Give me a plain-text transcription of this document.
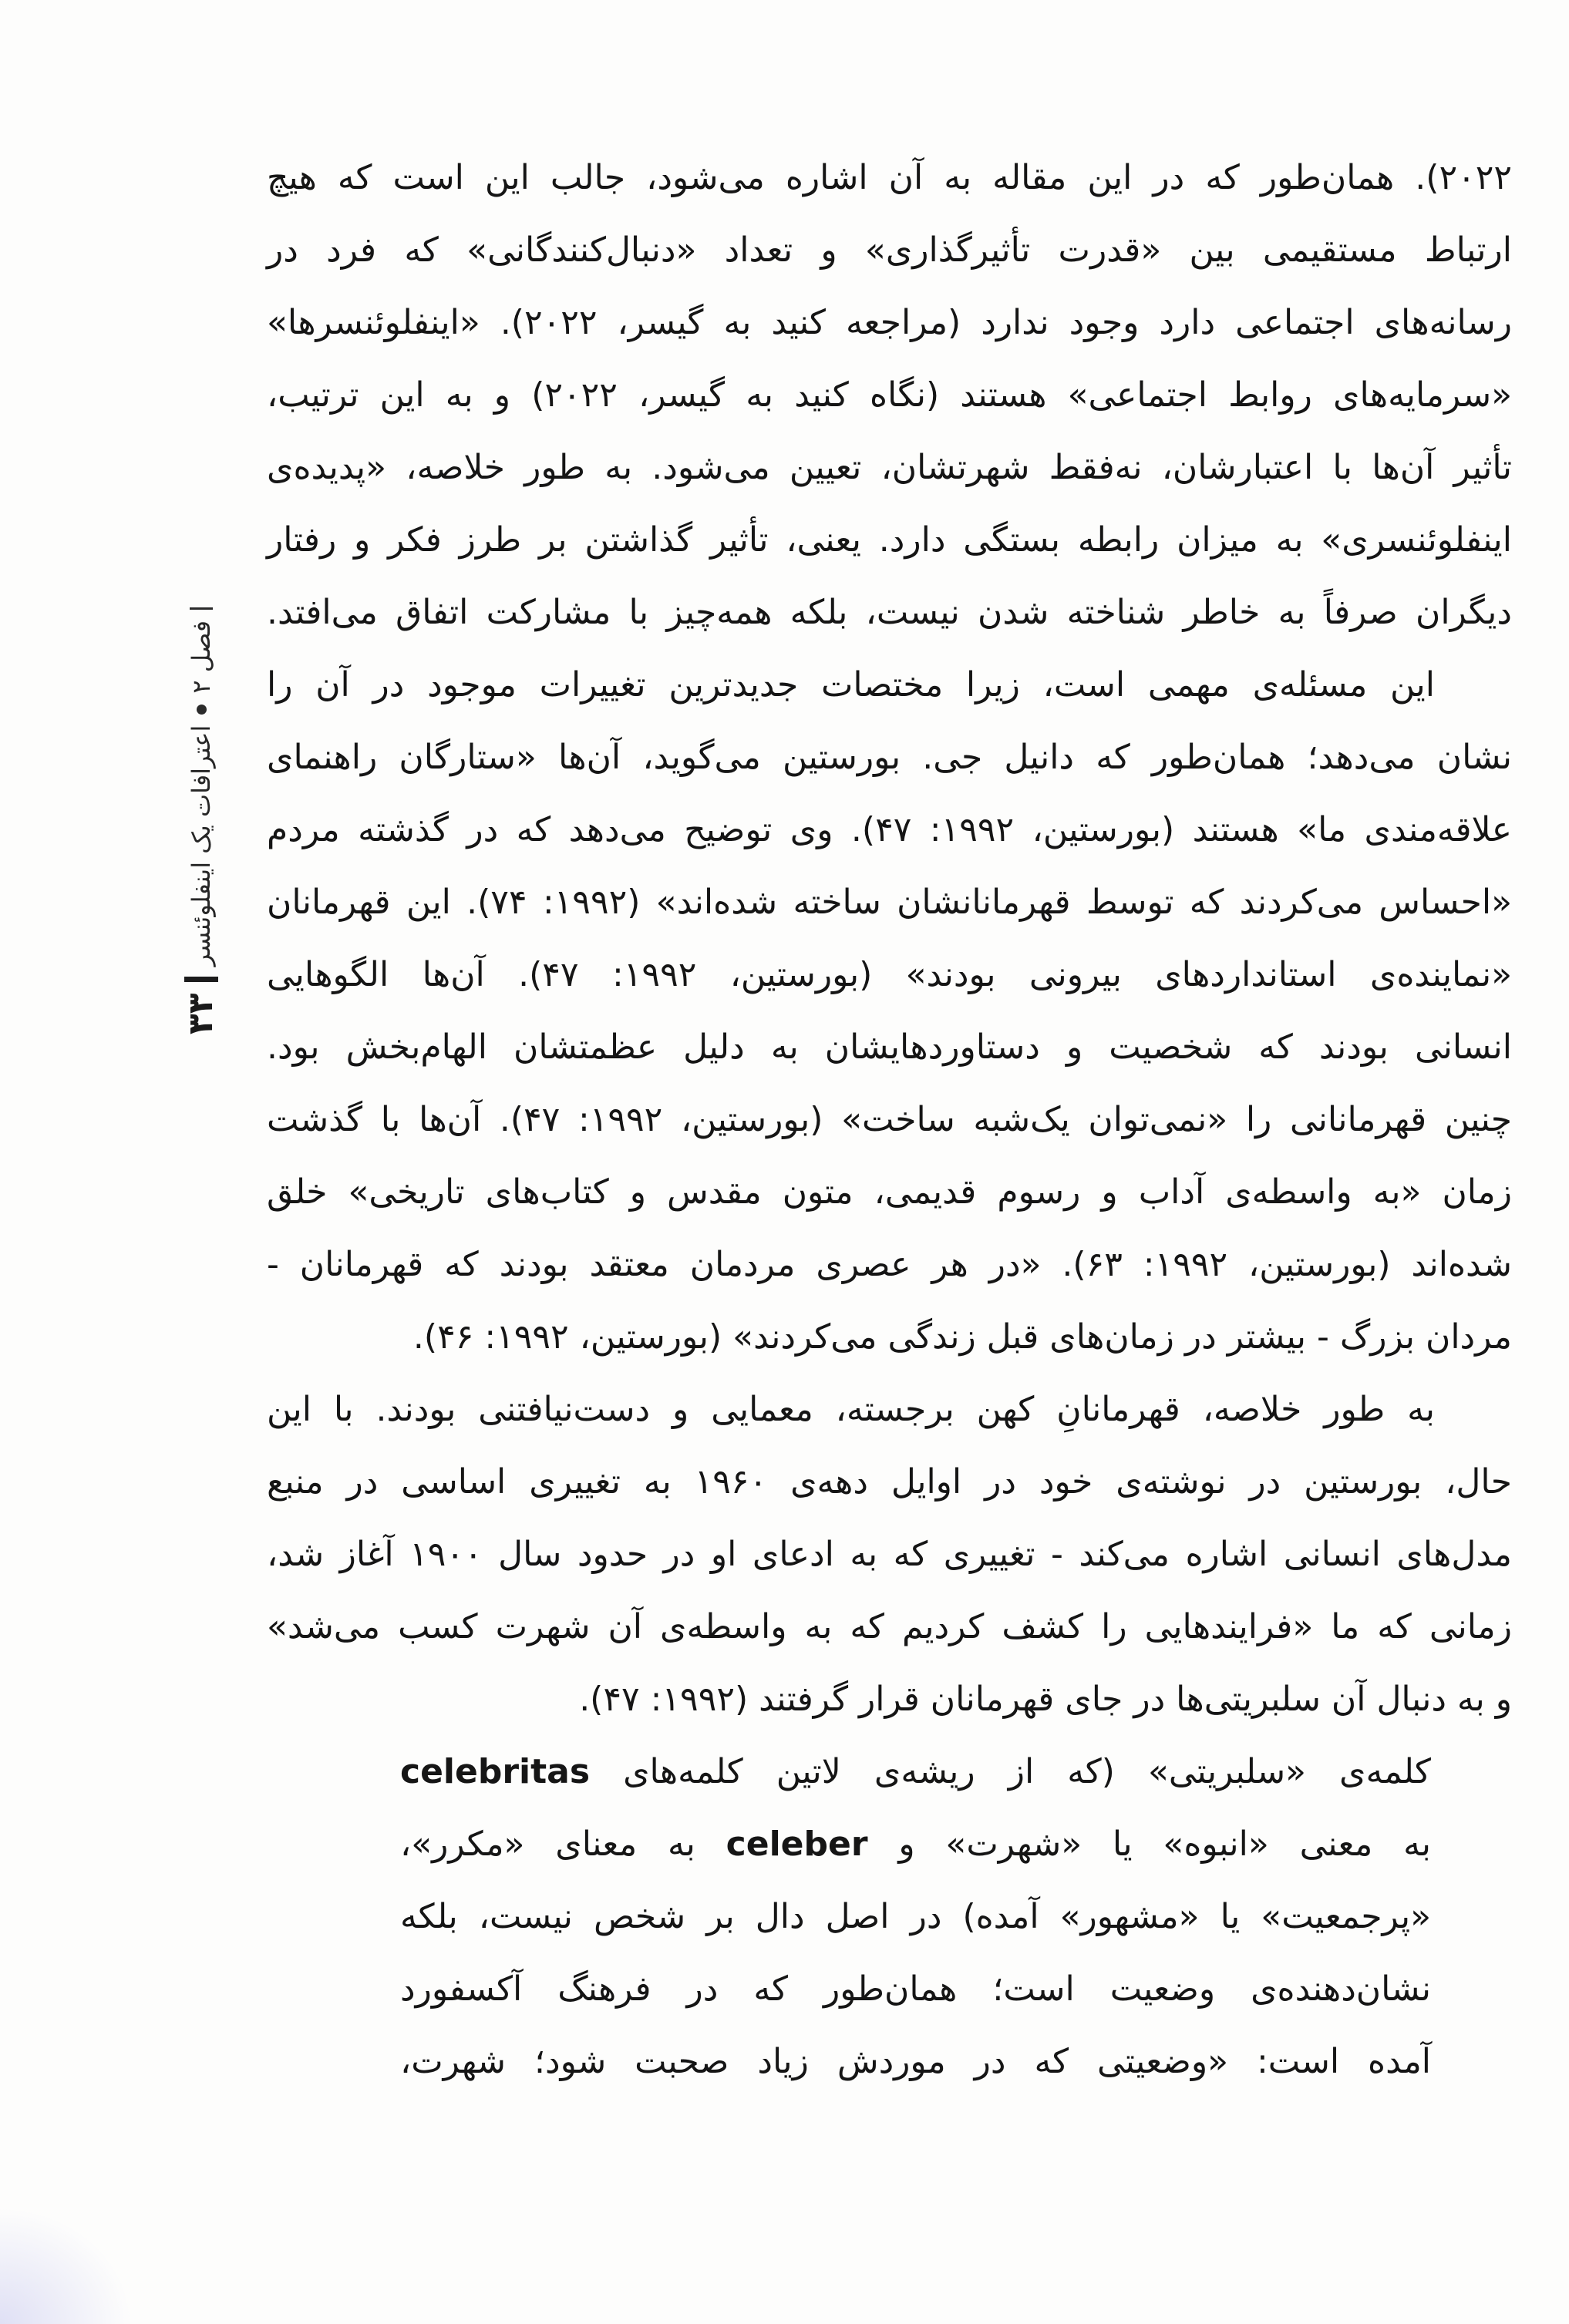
فصل ۲
اعترافات یک اینفلوئنسر
۳۳
۲۰۲۲). همان‌طور که در این مقاله به آن اشاره می‌شود، جالب این است که هیچ
ارتباط مستقیمی بین «قدرت تأثیرگذاری» و تعداد «دنبال‌کنندگانی» که فرد در
رسانه‌های اجتماعی دارد وجود ندارد (مراجعه کنید به گیسر، ۲۰۲۲). «اینفلوئنسرها»
«سرمایه‌های روابط اجتماعی» هستند (نگاه کنید به گیسر، ۲۰۲۲) و به این ترتیب،
تأثیر آن‌ها با اعتبارشان، نه‌فقط شهرتشان، تعیین می‌شود. به طور خلاصه، «پدیده‌ی
اینفلوئنسری» به میزان رابطه بستگی دارد. یعنی، تأثیر گذاشتن بر طرز فکر و رفتار
دیگران صرفاً به خاطر شناخته شدن نیست، بلکه همه‌چیز با مشارکت اتفاق می‌افتد.
این مسئله‌ی مهمی است، زیرا مختصات جدیدترین تغییرات موجود در آن را
نشان می‌دهد؛ همان‌طور که دانیل جی. بورستین می‌گوید، آن‌ها «ستارگان راهنمای
علاقه‌مندی ما» هستند (بورستین، ۱۹۹۲: ۴۷). وی توضیح می‌دهد که در گذشته مردم
«احساس می‌کردند که توسط قهرمانانشان ساخته شده‌اند» (۱۹۹۲: ۷۴). این قهرمانان
«نماینده‌ی استانداردهای بیرونی بودند» (بورستین، ۱۹۹۲: ۴۷). آن‌ها الگوهایی
انسانی بودند که شخصیت و دستاوردهایشان به دلیل عظمتشان الهام‌بخش بود.
چنین قهرمانانی را «نمی‌توان یک‌شبه ساخت» (بورستین، ۱۹۹۲: ۴۷). آن‌ها با گذشت
زمان «به واسطه‌ی آداب و رسوم قدیمی، متون مقدس و کتاب‌های تاریخی» خلق
شده‌اند (بورستین، ۱۹۹۲: ۶۳). «در هر عصری مردمان معتقد بودند که قهرمانان -
مردان بزرگ - بیشتر در زمان‌های قبل زندگی می‌کردند» (بورستین، ۱۹۹۲: ۴۶).
به طور خلاصه، قهرمانانِ کهن برجسته، معمایی و دست‌نیافتنی بودند. با این
حال، بورستین در نوشته‌ی خود در اوایل دهه‌ی ۱۹۶۰ به تغییری اساسی در منبع
مدل‌های انسانی اشاره می‌کند - تغییری که به ادعای او در حدود سال ۱۹۰۰ آغاز شد،
زمانی که ما «فرایندهایی را کشف کردیم که به واسطه‌ی آن شهرت کسب می‌شد»
و به دنبال آن سلبریتی‌ها در جای قهرمانان قرار گرفتند (۱۹۹۲: ۴۷).
کلمه‌ی «سلبریتی» (که از ریشه‌ی لاتین کلمه‌های celebritas
به معنی «انبوه» یا «شهرت» و celeber به معنای «مکرر»،
«پرجمعیت» یا «مشهور» آمده) در اصل دال بر شخص نیست، بلکه
نشان‌دهنده‌ی وضعیت است؛ همان‌طور که در فرهنگ آکسفورد
آمده است: «وضعیتی که در موردش زیاد صحبت شود؛ شهرت،
